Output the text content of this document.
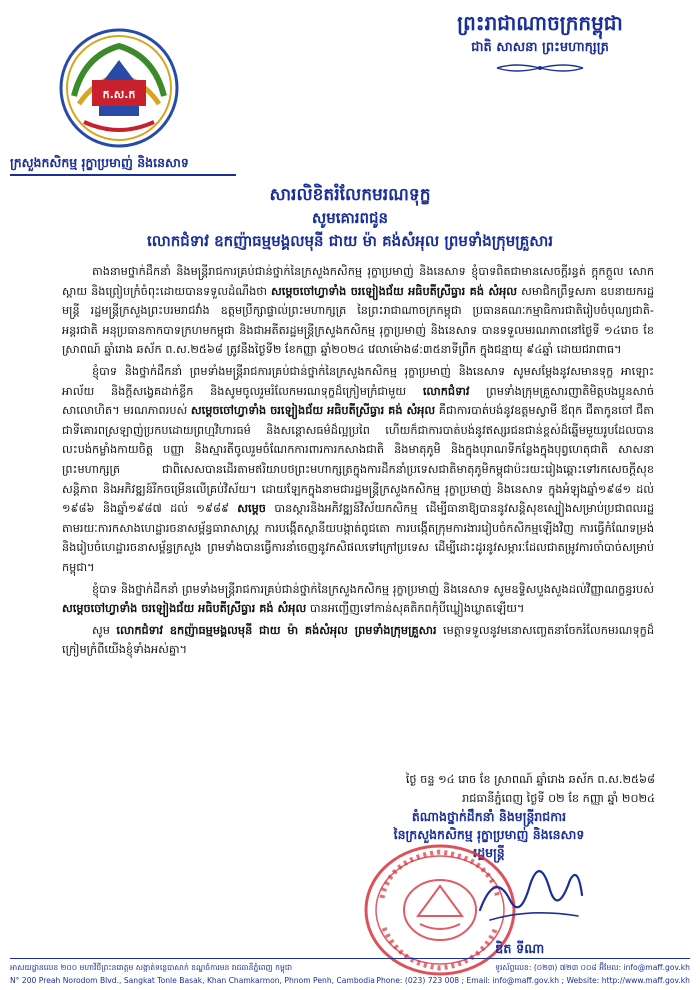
ព្រះរាជាណាចក្រកម្ពុជា
ជាតិ សាសនា ព្រះមហាក្សត្រ
ក.ស.ក
ក្រសួងកសិកម្ម រុក្ខាប្រមាញ់ និងនេសាទ
សារលិខិតរំលែកមរណទុក្ខ
សូមគោរពជូន
លោកជំទាវ ឧកញ៉ាធម្មមង្គលមុនី ជាយ ម៉ា គង់សំអុល ព្រមទាំងក្រុមគ្រួសារ

តាងនាមថ្នាក់ដឹកនាំ និងមន្ត្រីរាជការគ្រប់ជាន់ថ្នាក់នៃក្រសួងកសិកម្ម រុក្ខាប្រមាញ់ និងនេសាទ ខ្ញុំបាទពិតជាមានសេចក្តីរន្ធត់ ក្តុកក្តួល សោកស្តាយ និងព្រៀបក្រំចំពុះដោយបានទទួលដំណឹងថា សម្តេចចៅហ្វាទាំង ចរឡៀងជ័យ អធិបតីស្រីធ្វារ គង់ សំអុល សមាជិកព្រឹទ្ធសភា ឧបនាយករដ្ឋមន្ត្រី រដ្ឋមន្ត្រីក្រសួងព្រះបរមរាជវាំង ឧត្តមប្រឹក្សាផ្ទាល់ព្រះមហាក្សត្រ នៃព្រះរាជាណាចក្រកម្ពុជា ប្រធានគណៈកម្មាធិការជាតិរៀបចំបុណ្យជាតិ-អន្តរជាតិ អនុប្រធានកាកបាទក្រហមកម្ពុជា និងជាអតីតរដ្ឋមន្ត្រីក្រសួងកសិកម្ម រុក្ខាប្រមាញ់ និងនេសាទ បានទទួលមរណភាពនៅថ្ងៃទី ១៤រោច ខែស្រាពណ៍ ឆ្នាំរោង ឆស័ក ព.ស.២៥៦៨ ត្រូវនឹងថ្ងៃទី២ ខែកញ្ញា ឆ្នាំ២០២៤ វេលាម៉ោង៨:៣៥នាទីព្រឹក ក្នុងជន្មាយុ ៩៤ឆ្នាំ ដោយជរាពាធ។

ខ្ញុំបាទ និងថ្នាក់ដឹកនាំ ព្រមទាំងមន្ត្រីរាជការគ្រប់ជាន់ថ្នាក់នៃក្រសួងកសិកម្ម រុក្ខាប្រមាញ់ និងនេសាទ សូមសម្តែងនូវសមានទុក្ខ អាឡោះអាល័យ និងក្តីសង្វេគដាក់ខ្លីក និងសូមចូលរួមរំលែកមរណទុក្ខដ៏ក្រៀមក្រំជាមួយ លោកជំទាវ ព្រមទាំងក្រុមគ្រួសារញាតិមិត្តបងប្អូនសាច់សាលោហិត។ មរណភាពរបស់ សម្តេចចៅហ្វាទាំង ចរឡៀងជ័យ អធិបតីស្រីធ្វារ គង់ សំអុល គឺជាការបាត់បង់នូវឧត្តមស្វាមី ឪពុក ជីតាកូនចៅ ជីតាជាទីគោរពស្រឡាញ់ប្រកបដោយព្រហ្មវិហារធម៌ និងសន្តោសធម៌ដ៏ល្អប្រពៃ ហើយក៏ជាការបាត់បង់នូវឥស្សរជនជាន់ខ្ពស់ដ៏ឆ្នើមមួយរូបដែលបានលះបង់កម្លាំងកាយចិត្ត បញ្ញា និងស្មារតីចូលរួមចំណែកការពារការកសាងជាតិ និងមាតុភូមិ និងក្នុងបុរាណទីកន្លែងក្នុងបុព្វហេតុជាតិ សាសនា ព្រះមហាក្សត្រ ជាពិសេសបានដើរតាមឥរិយាបថព្រះមហាក្សត្រក្នុងការដឹកនាំប្រទេសជាតិមាតុភូមិកម្ពុជាប៉ះរយះរៀងឆ្ពោះទៅរកសេចក្តីសុខ សន្តិភាព និងអភិវឌ្ឍន៍រីកចម្រើនលើគ្រប់វិស័យ។ ដោយឡែកក្នុងនាមជារដ្ឋមន្ត្រីក្រសួងកសិកម្ម រុក្ខាប្រមាញ់ និងនេសាទ ក្នុងអំឡុងឆ្នាំ១៩៨១ ដល់ ១៩៨៦ និងឆ្នាំ១៩៨៧ ដល់ ១៩៨៩ សម្តេច បានស្តារនិងអភិវឌ្ឍន៍វិស័យកសិកម្ម ដើម្បីធានាឱ្យបាននូវសន្តិសុខស្បៀងសម្រាប់ប្រជាពលរដ្ឋតាមរយៈការកសាងហេដ្ឋារចនាសម្ព័ន្ធធារាសាស្ត្រ ការបង្កើតស្ថានីយបង្កាត់ពូជតោ ការបង្កើតក្រុមការងាររៀបចំកសិកម្មឡើងវិញ ការធ្វើកំណែទម្រង់និងរៀបចំហេដ្ឋារចនាសម្ព័ន្ធក្រសួង ព្រមទាំងបានធ្វើការនាំចេញនូវកសិផលទៅក្រៅប្រទេស ដើម្បីដោះដូរនូវសម្ភារៈដែលជាតម្រូវការចាំបាច់សម្រាប់កម្ពុជា។

ខ្ញុំបាទ និងថ្នាក់ដឹកនាំ ព្រមទាំងមន្ត្រីរាជការគ្រប់ជាន់ថ្នាក់នៃក្រសួងកសិកម្ម រុក្ខាប្រមាញ់ និងនេសាទ សូមឧទ្ទិសបួងសួងដល់វិញ្ញាណក្ខន្ធរបស់ សម្តេចចៅហ្វាទាំង ចរឡៀងជ័យ អធិបតីស្រីធ្វារ គង់ សំអុល បានអញ្ជើញទៅកាន់សុគតិភពកុំបីឃ្លៀងឃ្លាតឡើយ។

សូម លោកជំទាវ ឧកញ៉ាធម្មមង្គលមុនី ជាយ ម៉ា គង់សំអុល ព្រមទាំងក្រុមគ្រួសារ មេត្តាទទួលនូវមនោសញ្ចេតនាចែករំលែកមរណទុក្ខដ៏ក្រៀមក្រំពីយើងខ្ញុំទាំងអស់គ្នា។

ថ្ងៃ ចន្ទ ១៤ រោច ខែ ស្រាពណ៍ ឆ្នាំរោង ឆស័ក ព.ស.២៥៦៨
រាជធានីភ្នំពេញ ថ្ងៃទី ០២ ខែ កញ្ញា ឆ្នាំ ២០២៤
តំណាងថ្នាក់ដឹកនាំ និងមន្ត្រីរាជការ
នៃក្រសួងកសិកម្ម រុក្ខាប្រមាញ់ និងនេសាទ
រដ្ឋមន្ត្រី
ឌិត ទីណា
អាសយដ្ឋានលេខ ២០០ មហាវិថីព្រះនរោត្តម សង្កាត់ទន្លេបាសាក់ ខណ្ឌចំការមន រាជធានីភ្នំពេញ កម្ពុជា	ទូរស័ព្ទលេខ: (០២៣) ៧២៣ ០០៨ អ៊ីមែល: info@maff.gov.kh
N° 200 Preah Norodom Blvd., Sangkat Tonle Basak, Khan Chamkarmon, Phnom Penh, Cambodia Phone: (023) 723 008 ; Email: info@maff.gov.kh ; Website: http://www.maff.gov.kh
